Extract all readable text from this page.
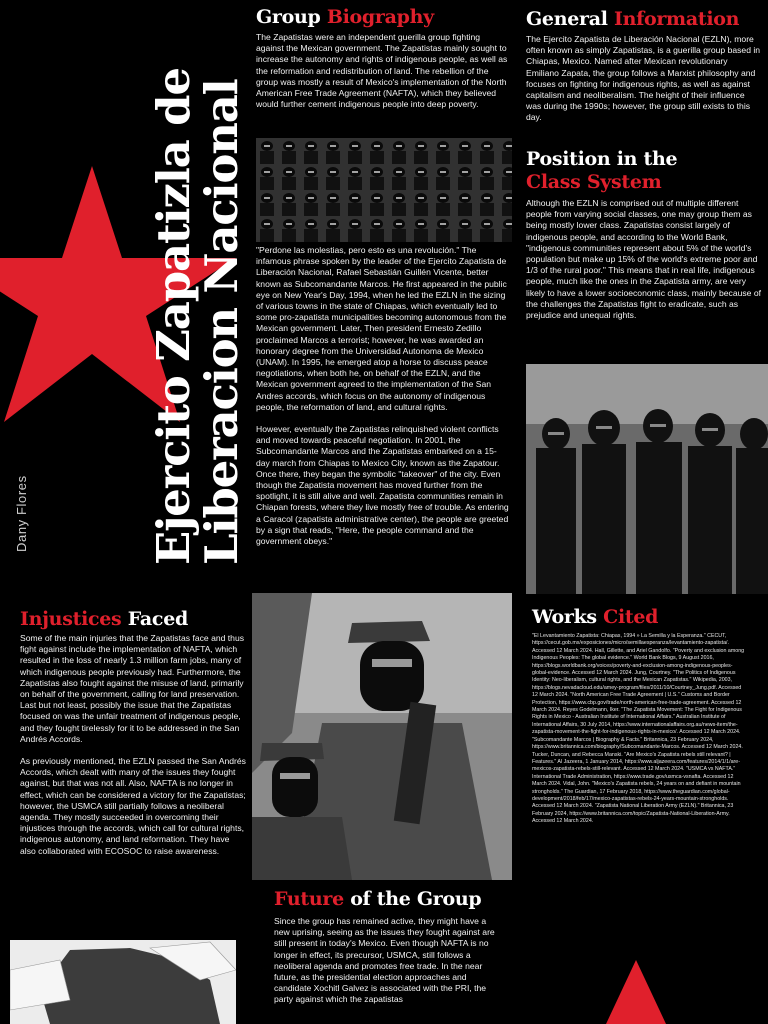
Dany Flores	Ejercito Zapatizla de
Liberacion Nacional
Group Biography
The Zapatistas were an independent guerilla group fighting against the Mexican government. The Zapatistas mainly sought to increase the autonomy and rights of indigenous people, as well as the reformation and redistribution of land. The rebellion of the group was mostly a result of Mexico's implementation of the North American Free Trade Agreement (NAFTA), which they believed would further cement indigenous people into deep poverty.

"Perdone las molestias, pero esto es una revolución." The infamous phrase spoken by the leader of the Ejercito Zapatista de Liberación Nacional, Rafael Sebastián Guillén Vicente, better known as Subcomandante Marcos. He first appeared in the public eye on New Year's Day, 1994, when he led the EZLN in the sizing of various towns in the state of Chiapas, which eventually led to some pro-zapatista municipalities becoming autonomous from the Mexican government. Later, Then president Ernesto Zedillo proclaimed Marcos a terrorist; however, he was awarded an honorary degree from the Universidad Autonoma de Mexico (UNAM). In 1995, he emerged atop a horse to discuss peace negotiations, when both he, on behalf of the EZLN, and the Mexican government agreed to the implementation of the San Andres accords, which focus on the autonomy of indigenous people, the reformation of land, and cultural rights.

However, eventually the Zapatistas relinquished violent conflicts and moved towards peaceful negotiation. In 2001, the Subcomandante Marcos and the Zapatistas embarked on a 15-day march from Chiapas to Mexico City, known as the Zapatour. Once there, they began the symbolic "takeover" of the city. Even though the Zapatista movement has moved further from the spotlight, it is still alive and well. Zapatista communities remain in Chiapan forests, where they live mostly free of trouble. As entering a Caracol (zapatista administrative center), the people are greeted by a sign that reads, "Here, the people command and the government obeys."

General Information
The Ejercito Zapatista de Liberación Nacional (EZLN), more often known as simply Zapatistas, is a guerilla group based in Chiapas, Mexico. Named after Mexican revolutionary Emiliano Zapata, the group follows a Marxist philosophy and focuses on fighting for indigenous rights, as well as against capitalism and neoliberalism. The height of their influence was during the 1990s; however, the group still exists to this day.
Position in the
Class System
Although the EZLN is comprised out of multiple different people from varying social classes, one may group them as being mostly lower class. Zapatistas consist largely of indigenous people, and according to the World Bank, "indigenous communities represent about 5% of the world's population but make up 15% of the world's extreme poor and 1/3 of the rural poor." This means that in real life, indigenous people, much like the ones in the Zapatista army, are very likely to have a lower socioeconomic class, mainly because of the challenges the Zapatistas fight to eradicate, such as prejudice and unequal rights.
Injustices Faced

Some of the main injuries that the Zapatistas face and thus fight against include the implementation of NAFTA, which resulted in the loss of nearly 1.3 million farm jobs, many of which indigenous people previously had. Furthermore, the Zapatistas also fought against the misuse of land, primarily on behalf of the government, calling for land preservation. Last but not least, possibly the issue that the Zapatistas focused on was the unfair treatment of indigenous people, and they fought tirelessly for it to be addressed in the San Andrés Accords.

As previously mentioned, the EZLN passed the San Andrés Accords, which dealt with many of the issues they fought against, but that was not all. Also, NAFTA is no longer in effect, which can be considered a victory for the Zapatistas; however, the USMCA still partially follows a neoliberal agenda. They mostly succeeded in overcoming their injustices through the accords, which call for cultural rights, indigenous autonomy, and land reformation. They have also collaborated with ECOSOC to raise awareness.

Future of the Group
Since the group has remained active, they might have a new uprising, seeing as the issues they fought against are still present in today's Mexico. Even though NAFTA is no longer in effect, its precursor, USMCA, still follows a neoliberal agenda and promotes free trade. In the near future, as the presidential election approaches and candidate Xochitl Galvez is associated with the PRI, the party against which the zapatistas
Works Cited
"El Levantamiento Zapatista: Chiapas, 1994 » La Semilla y la Esperanza." CECUT, https://cecut.gob.mx/exposiciones/micro/semillaesperanza/levantamiento-zapatista/. Accessed 12 March 2024. Hall, Gillette, and Ariel Gandolfo. "Poverty and exclusion among Indigenous Peoples: The global evidence." World Bank Blogs, 9 August 2016, https://blogs.worldbank.org/voices/poverty-and-exclusion-among-indigenous-peoples-global-evidence. Accessed 12 March 2024. Jung, Courtney. "The Politics of Indigenous Identity: Neo-liberalism, cultural rights, and the Mexican Zapatistas." Wikipedia, 2003, https://blogs.nevadacloud.edu/amey-program/files/2011/10/Courtney_Jung.pdf. Accessed 12 March 2024. "North American Free Trade Agreement | U.S." Customs and Border Protection, https://www.cbp.gov/trade/north-american-free-trade-agreement. Accessed 12 March 2024. Reyes Godelmann, Iker. "The Zapatista Movement: The Fight for Indigenous Rights in Mexico - Australian Institute of International Affairs." Australian Institute of International Affairs, 30 July 2014, https://www.internationalaffairs.org.au/news-item/the-zapatista-movement-the-fight-for-indigenous-rights-in-mexico/. Accessed 12 March 2024. "Subcomandante Marcos | Biography & Facts." Britannica, 23 February 2024, https://www.britannica.com/biography/Subcomandante-Marcos. Accessed 12 March 2024. Tucker, Duncan, and Rebecca Manski. "Are Mexico's Zapatista rebels still relevant? | Features." Al Jazeera, 1 January 2014, https://www.aljazeera.com/features/2014/1/1/are-mexicos-zapatista-rebels-still-relevant. Accessed 12 March 2024. "USMCA vs NAFTA." International Trade Administration, https://www.trade.gov/usmca-vsnafta. Accessed 12 March 2024. Vidal, John. "Mexico's Zapatista rebels, 24 years on and defiant in mountain strongholds." The Guardian, 17 February 2018, https://www.theguardian.com/global-development/2018/feb/17/mexico-zapatistas-rebels-24-years-mountain-strongholds. Accessed 12 March 2024. "Zapatista National Liberation Army (EZLN)." Britannica, 23 February 2024, https://www.britannica.com/topic/Zapatista-National-Liberation-Army. Accessed 12 March 2024.
